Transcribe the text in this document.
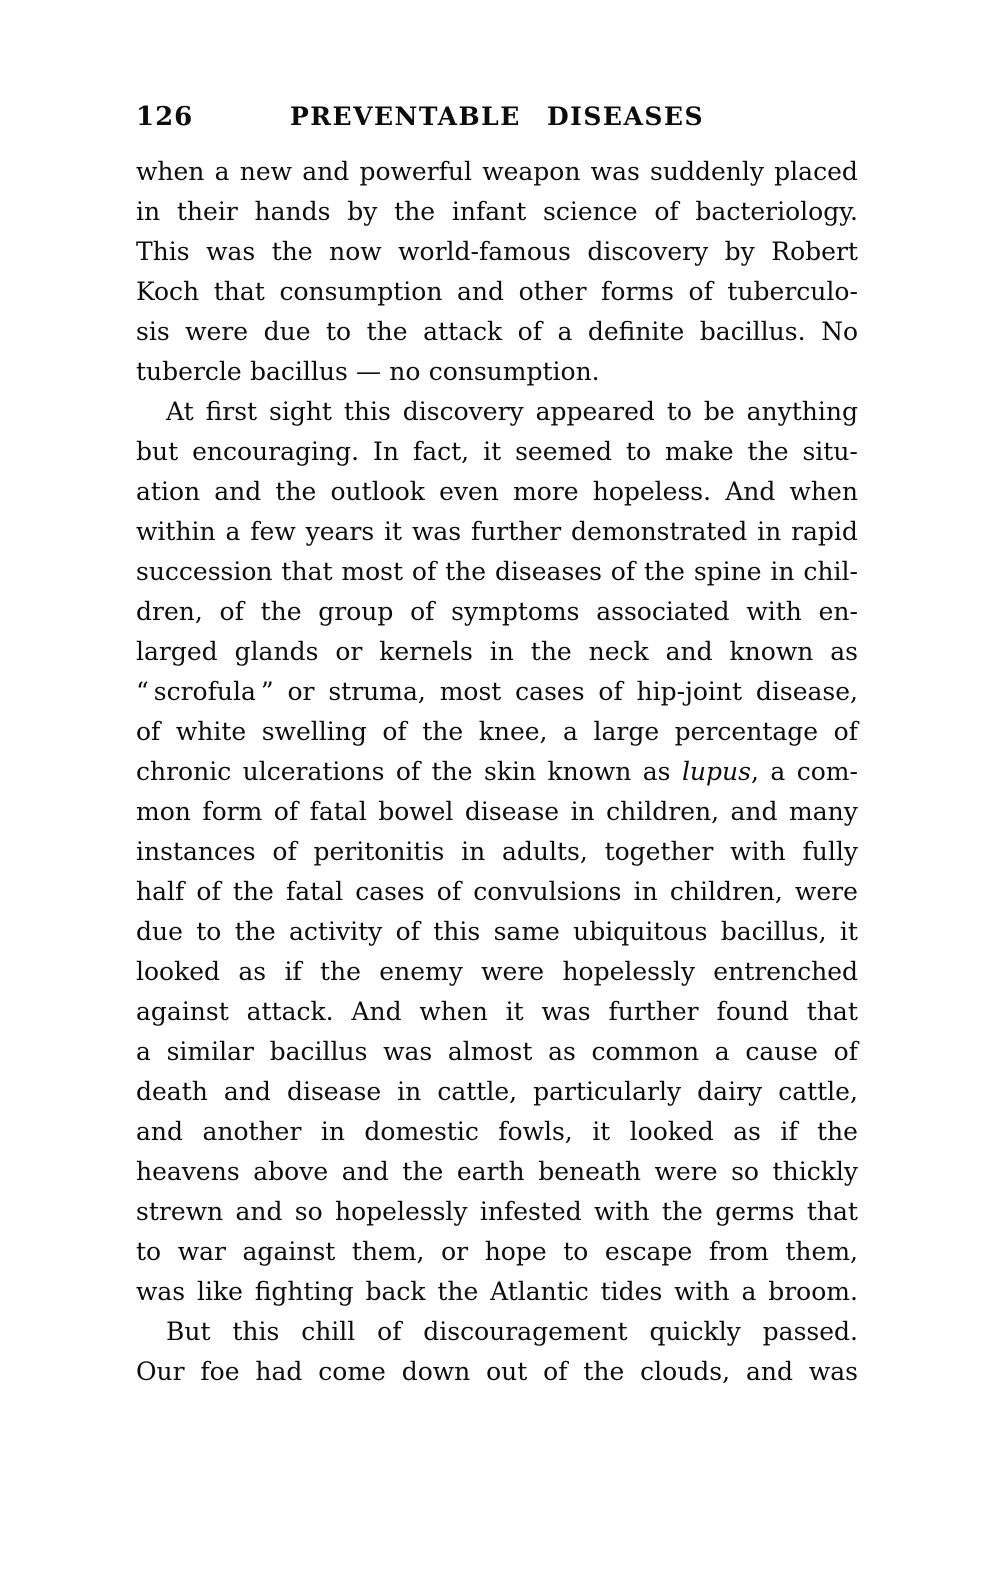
126	PREVENTABLE DISEASES
when a new and powerful weapon was suddenly placed
in their hands by the infant science of bacteriology.
This was the now world-famous discovery by Robert
Koch that consumption and other forms of tuberculo-
sis were due to the attack of a definite bacillus. No
tubercle bacillus — no consumption.
At first sight this discovery appeared to be anything
but encouraging. In fact, it seemed to make the situ-
ation and the outlook even more hopeless. And when
within a few years it was further demonstrated in rapid
succession that most of the diseases of the spine in chil-
dren, of the group of symptoms associated with en-
larged glands or kernels in the neck and known as
“ scrofula ” or struma, most cases of hip-joint disease,
of white swelling of the knee, a large percentage of
chronic ulcerations of the skin known as lupus, a com-
mon form of fatal bowel disease in children, and many
instances of peritonitis in adults, together with fully
half of the fatal cases of convulsions in children, were
due to the activity of this same ubiquitous bacillus, it
looked as if the enemy were hopelessly entrenched
against attack. And when it was further found that
a similar bacillus was almost as common a cause of
death and disease in cattle, particularly dairy cattle,
and another in domestic fowls, it looked as if the
heavens above and the earth beneath were so thickly
strewn and so hopelessly infested with the germs that
to war against them, or hope to escape from them,
was like fighting back the Atlantic tides with a broom.
But this chill of discouragement quickly passed.
Our foe had come down out of the clouds, and was
